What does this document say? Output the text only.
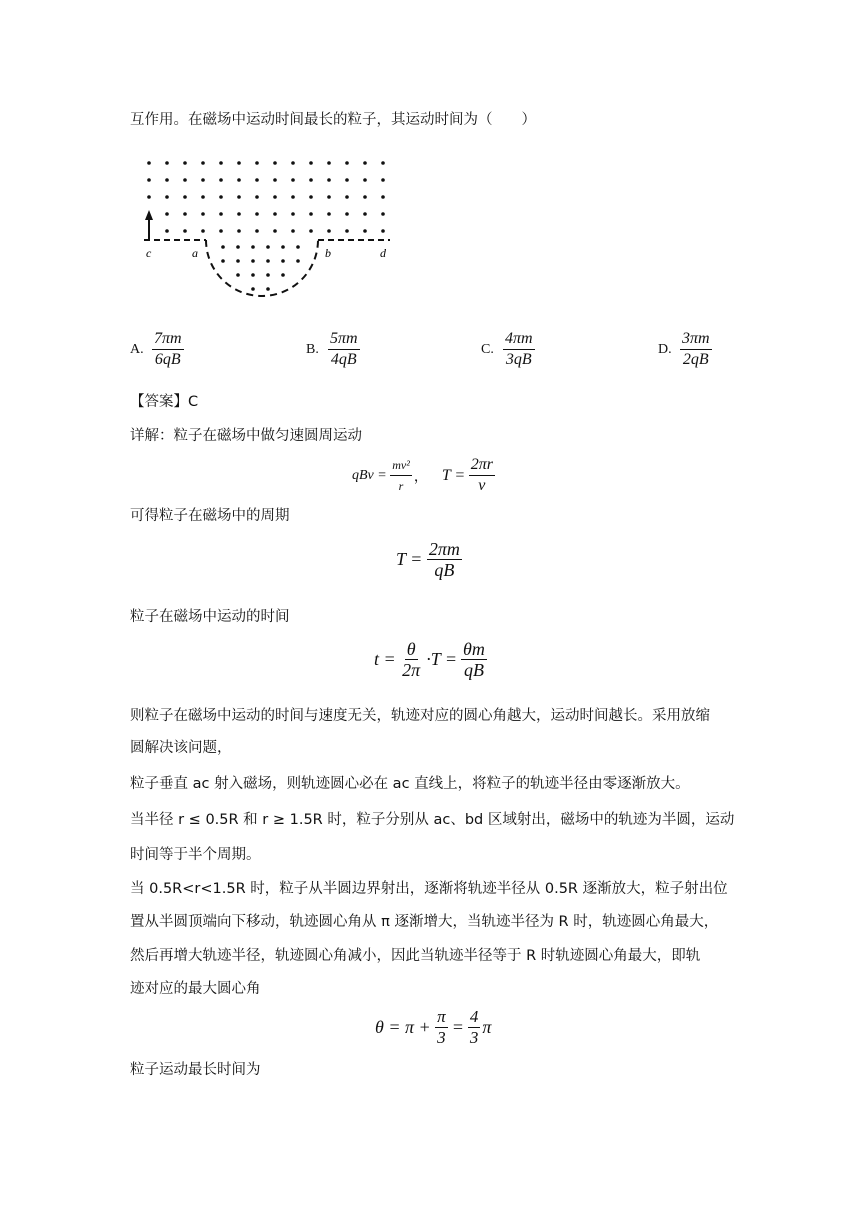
互作用。在磁场中运动时间最长的粒子，其运动时间为（　　）
c	a	b	d
A. $\frac{7\pi m}{6qB}$	B. $\frac{5\pi m}{4qB}$	C. $\frac{4\pi m}{3qB}$	D. $\frac{3\pi m}{2qB}$
【答案】C
详解：粒子在磁场中做匀速圆周运动
qBv =
$\frac{\text{mv²}}{r}$ ， T =
$\frac{2\pi r}{v}$
可得粒子在磁场中的周期
T =
$\frac{2\pi m}{qB}$
粒子在磁场中运动的时间
t =
$\frac{\theta}{2\pi} \cdot T = \frac{\theta m}{qB}$
则粒子在磁场中运动的时间与速度无关，轨迹对应的圆心角越大，运动时间越长。采用放缩
圆解决该问题，
粒子垂直 ac 射入磁场，则轨迹圆心必在 ac 直线上，将粒子的轨迹半径由零逐渐放大。
当半径 r ≤ 0.5R 和 r ≥ 1.5R 时，粒子分别从 ac、bd 区域射出，磁场中的轨迹为半圆，运动
时间等于半个周期。
当 0.5R<r<1.5R 时，粒子从半圆边界射出，逐渐将轨迹半径从 0.5R 逐渐放大，粒子射出位
置从半圆顶端向下移动，轨迹圆心角从 π 逐渐增大，当轨迹半径为 R 时，轨迹圆心角最大，
然后再增大轨迹半径，轨迹圆心角减小，因此当轨迹半径等于 R 时轨迹圆心角最大，即轨
迹对应的最大圆心角
θ = π +
$\frac{\pi}{3} = \frac{4}{3}$ π
粒子运动最长时间为
